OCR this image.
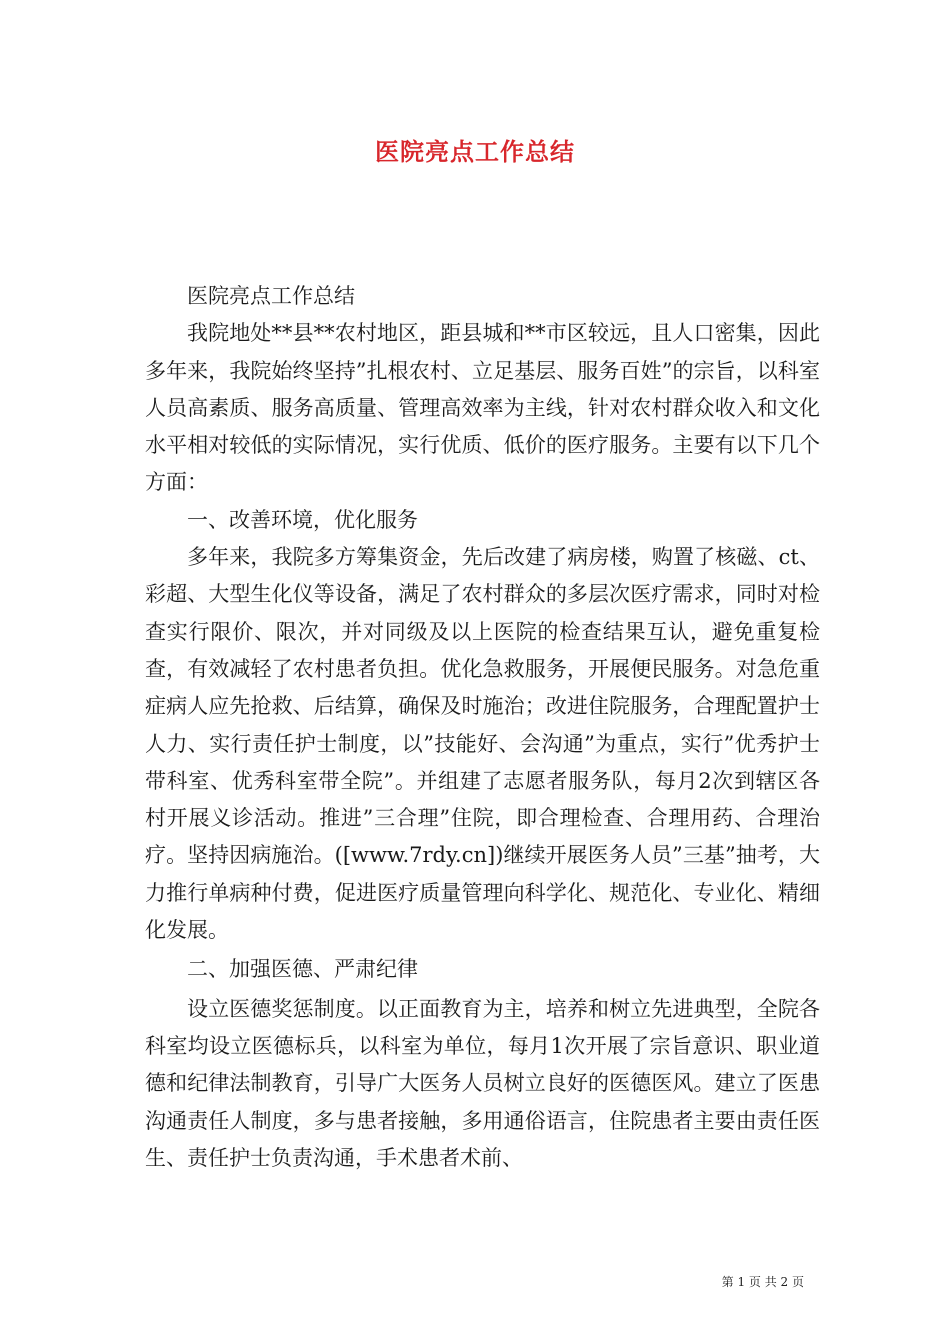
医院亮点工作总结

医院亮点工作总结

我院地处**县**农村地区，距县城和**市区较远，且人口密集，因此多年来，我院始终坚持”扎根农村、立足基层、服务百姓”的宗旨，以科室人员高素质、服务高质量、管理高效率为主线，针对农村群众收入和文化水平相对较低的实际情况，实行优质、低价的医疗服务。主要有以下几个方面：

一、改善环境，优化服务

多年来，我院多方筹集资金，先后改建了病房楼，购置了核磁、ct、彩超、大型生化仪等设备，满足了农村群众的多层次医疗需求，同时对检查实行限价、限次，并对同级及以上医院的检查结果互认，避免重复检查，有效减轻了农村患者负担。优化急救服务，开展便民服务。对急危重症病人应先抢救、后结算，确保及时施治；改进住院服务，合理配置护士人力、实行责任护士制度，以”技能好、会沟通”为重点，实行”优秀护士带科室、优秀科室带全院”。并组建了志愿者服务队，每月2次到辖区各村开展义诊活动。推进”三合理”住院，即合理检查、合理用药、合理治疗。坚持因病施治。([www.7rdy.cn])继续开展医务人员”三基”抽考，大力推行单病种付费，促进医疗质量管理向科学化、规范化、专业化、精细化发展。

二、加强医德、严肃纪律

设立医德奖惩制度。以正面教育为主，培养和树立先进典型，全院各科室均设立医德标兵，以科室为单位，每月1次开展了宗旨意识、职业道德和纪律法制教育，引导广大医务人员树立良好的医德医风。建立了医患沟通责任人制度，多与患者接触，多用通俗语言，住院患者主要由责任医生、责任护士负责沟通，手术患者术前、

第 1 页 共 2 页
